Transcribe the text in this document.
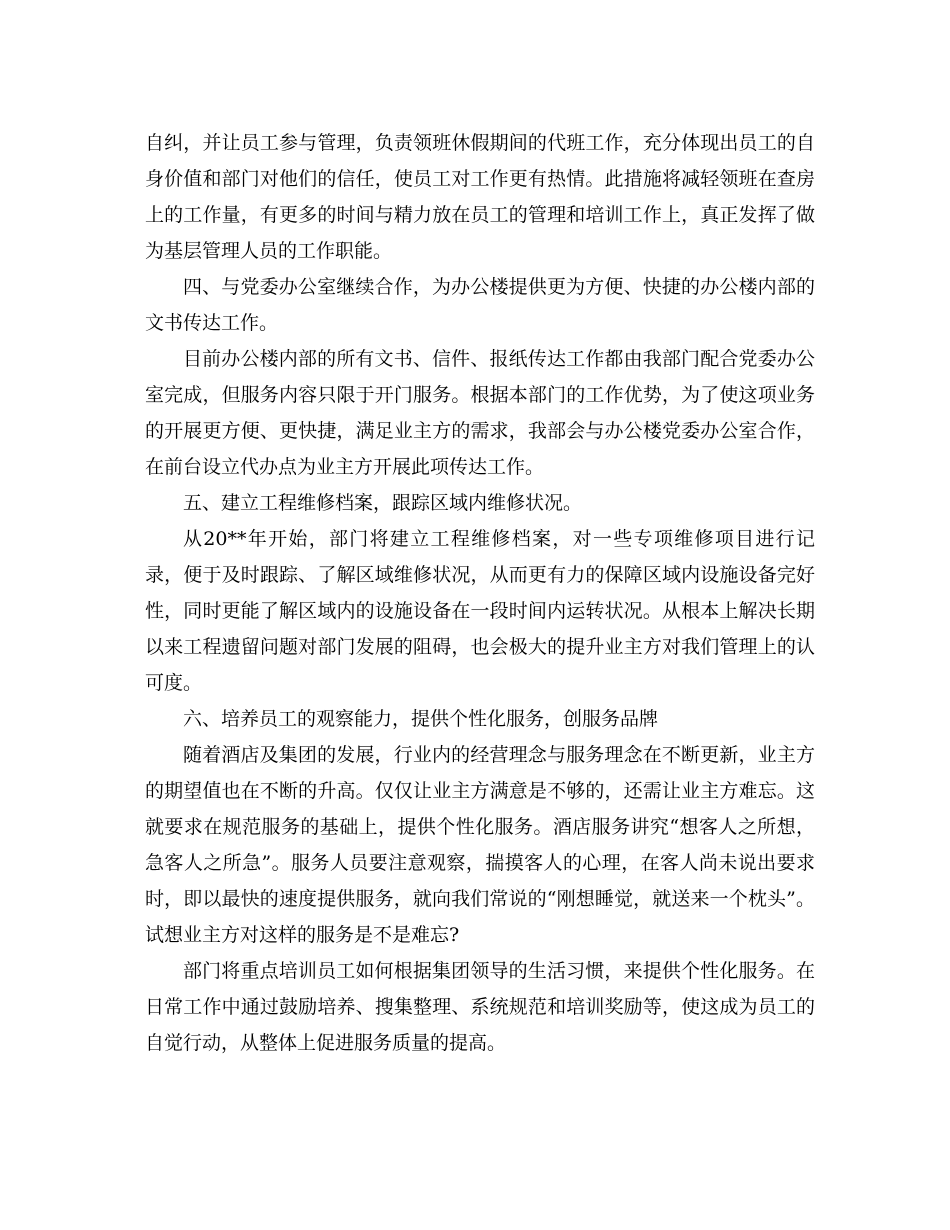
自纠，并让员工参与管理，负责领班休假期间的代班工作，充分体现出员工的自身价值和部门对他们的信任，使员工对工作更有热情。此措施将减轻领班在查房上的工作量，有更多的时间与精力放在员工的管理和培训工作上，真正发挥了做为基层管理人员的工作职能。

四、与党委办公室继续合作，为办公楼提供更为方便、快捷的办公楼内部的文书传达工作。

目前办公楼内部的所有文书、信件、报纸传达工作都由我部门配合党委办公室完成，但服务内容只限于开门服务。根据本部门的工作优势，为了使这项业务的开展更方便、更快捷，满足业主方的需求，我部会与办公楼党委办公室合作，在前台设立代办点为业主方开展此项传达工作。

五、建立工程维修档案，跟踪区域内维修状况。

从20**年开始，部门将建立工程维修档案，对一些专项维修项目进行记录，便于及时跟踪、了解区域维修状况，从而更有力的保障区域内设施设备完好性，同时更能了解区域内的设施设备在一段时间内运转状况。从根本上解决长期以来工程遗留问题对部门发展的阻碍，也会极大的提升业主方对我们管理上的认可度。

六、培养员工的观察能力，提供个性化服务，创服务品牌

随着酒店及集团的发展，行业内的经营理念与服务理念在不断更新，业主方的期望值也在不断的升高。仅仅让业主方满意是不够的，还需让业主方难忘。这就要求在规范服务的基础上，提供个性化服务。酒店服务讲究“想客人之所想，急客人之所急”。服务人员要注意观察，揣摸客人的心理，在客人尚未说出要求时，即以最快的速度提供服务，就向我们常说的“刚想睡觉，就送来一个枕头”。试想业主方对这样的服务是不是难忘?

部门将重点培训员工如何根据集团领导的生活习惯，来提供个性化服务。在日常工作中通过鼓励培养、搜集整理、系统规范和培训奖励等，使这成为员工的自觉行动，从整体上促进服务质量的提高。
